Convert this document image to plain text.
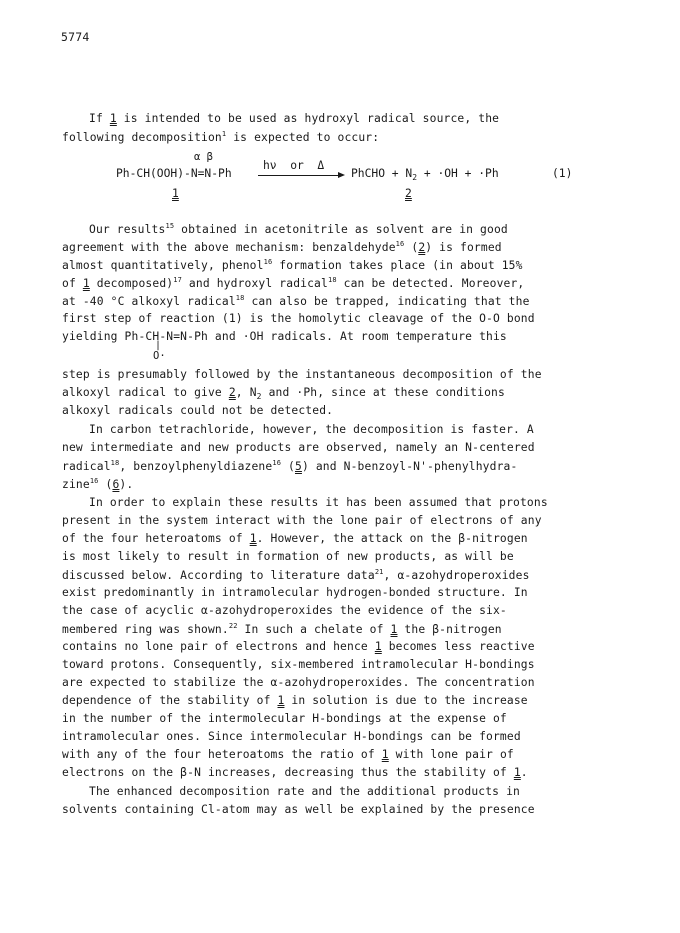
5774
If 1 is intended to be used as hydroxyl radical source, the
following decomposition$^1$ is expected to occur:
α β
Ph-CH(OOH)-N=N-Ph
hν  or  Δ
PhCHO + $N_2 + \cdot OH + \cdot Ph$	(1)
1	2
Our results$^{15}$ obtained in acetonitrile as solvent are in good
agreement with the above mechanism: benzaldehyde$^{16}$ (2) is formed
almost quantitatively, phenol$^{16}$ formation takes place (in about 15%
of 1 decomposed)$^{17}$ and hydroxyl radical$^{18}$ can be detected. Moreover,
at -40 °C alkoxyl radical$^{18}$ can also be trapped, indicating that the
first step of reaction (1) is the homolytic cleavage of the O-O bond
yielding Ph-CH-N=N-Ph and ·OH radicals. At room temperature this
|
O·
step is presumably followed by the instantaneous decomposition of the
alkoxyl radical to give 2, $N_2$ and ·Ph, since at these conditions
alkoxyl radicals could not be detected.
In carbon tetrachloride, however, the decomposition is faster. A
new intermediate and new products are observed, namely an N-centered
radical$^{18}$, benzoylphenyldiazene$^{16}$ (5) and N-benzoyl-N'-phenylhydra-
zine$^{16}$ (6).
In order to explain these results it has been assumed that protons
present in the system interact with the lone pair of electrons of any
of the four heteroatoms of 1. However, the attack on the β-nitrogen
is most likely to result in formation of new products, as will be
discussed below. According to literature data$^{21}$, α-azohydroperoxides
exist predominantly in intramolecular hydrogen-bonded structure. In
the case of acyclic α-azohydroperoxides the evidence of the six-
membered ring was shown.$^{22}$ In such a chelate of 1 the β-nitrogen
contains no lone pair of electrons and hence 1 becomes less reactive
toward protons. Consequently, six-membered intramolecular H-bondings
are expected to stabilize the α-azohydroperoxides. The concentration
dependence of the stability of 1 in solution is due to the increase
in the number of the intermolecular H-bondings at the expense of
intramolecular ones. Since intermolecular H-bondings can be formed
with any of the four heteroatoms the ratio of 1 with lone pair of
electrons on the β-N increases, decreasing thus the stability of 1.
The enhanced decomposition rate and the additional products in
solvents containing Cl-atom may as well be explained by the presence
